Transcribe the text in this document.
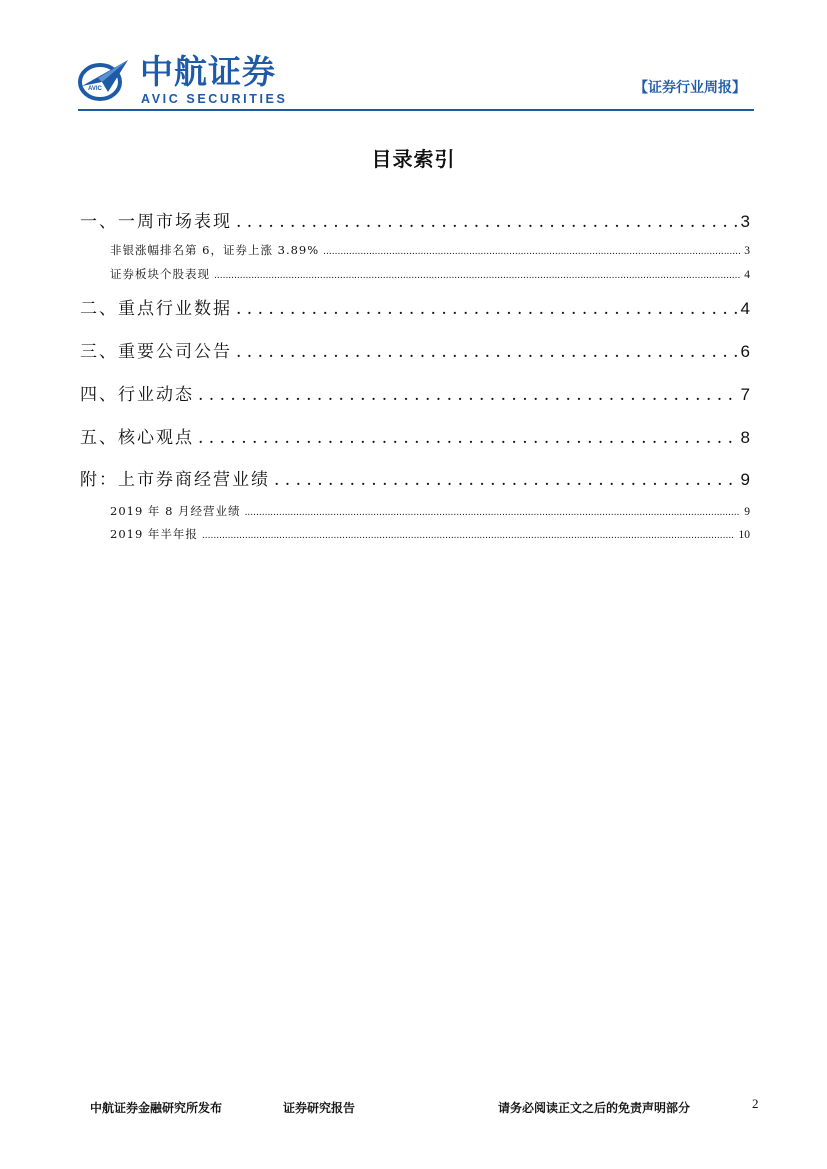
AVIC 中航证券
AVIC SECURITIES
【证券行业周报】
目录索引
一、一周市场表现 . . .	3
非银涨幅排名第 6，证券上涨 3.89% .....	3
证券板块个股表现 .....	4
二、重点行业数据 . . .	4
三、重要公司公告 . . .	6
四、行业动态 . . .	7
五、核心观点 . . .	8
附：上市券商经营业绩 . . .	9
2019 年 8 月经营业绩 .....	9
2019 年半年报 .....	10
中航证券金融研究所发布	证券研究报告	请务必阅读正文之后的免责声明部分	2
